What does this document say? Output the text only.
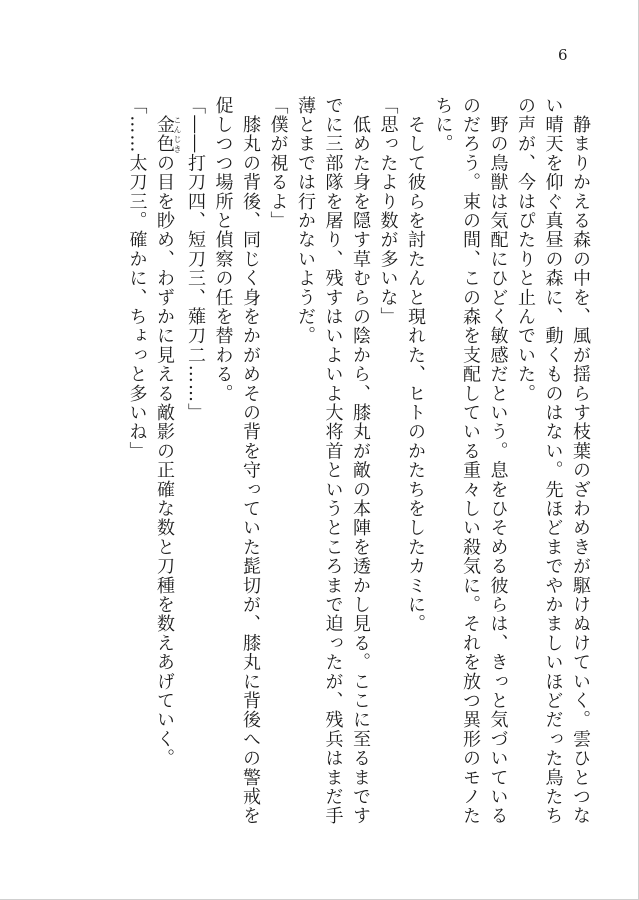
6

　静まりかえる森の中を、風が揺らす枝葉のざわめきが駆けぬけていく。雲ひとつな

い晴天を仰ぐ真昼の森に、動くものはない。先ほどまでやかましいほどだった鳥たち

の声が、今はぴたりと止んでいた。

　野の鳥獣は気配にひどく敏感だという。息をひそめる彼らは、きっと気づいている

のだろう。束の間、この森を支配している重々しい殺気に。それを放つ異形のモノた

ちに。

　そして彼らを討たんと現れた、ヒトのかたちをしたカミに。

「思ったより数が多いな」

　低めた身を隠す草むらの陰から、膝丸が敵の本陣を透かし見る。ここに至るまです

でに三部隊を屠り、残すはいよいよ大将首というところまで迫ったが、残兵はまだ手

薄とまでは行かないようだ。

「僕が視るよ」

　膝丸の背後、同じく身をかがめその背を守っていた髭切が、膝丸に背後への警戒を

促しつつ場所と偵察の任を替わる。

「――打刀四、短刀三、薙刀二……」

　金色こんじきの目を眇め、わずかに見える敵影の正確な数と刀種を数えあげていく。

「……太刀三。確かに、ちょっと多いね」
